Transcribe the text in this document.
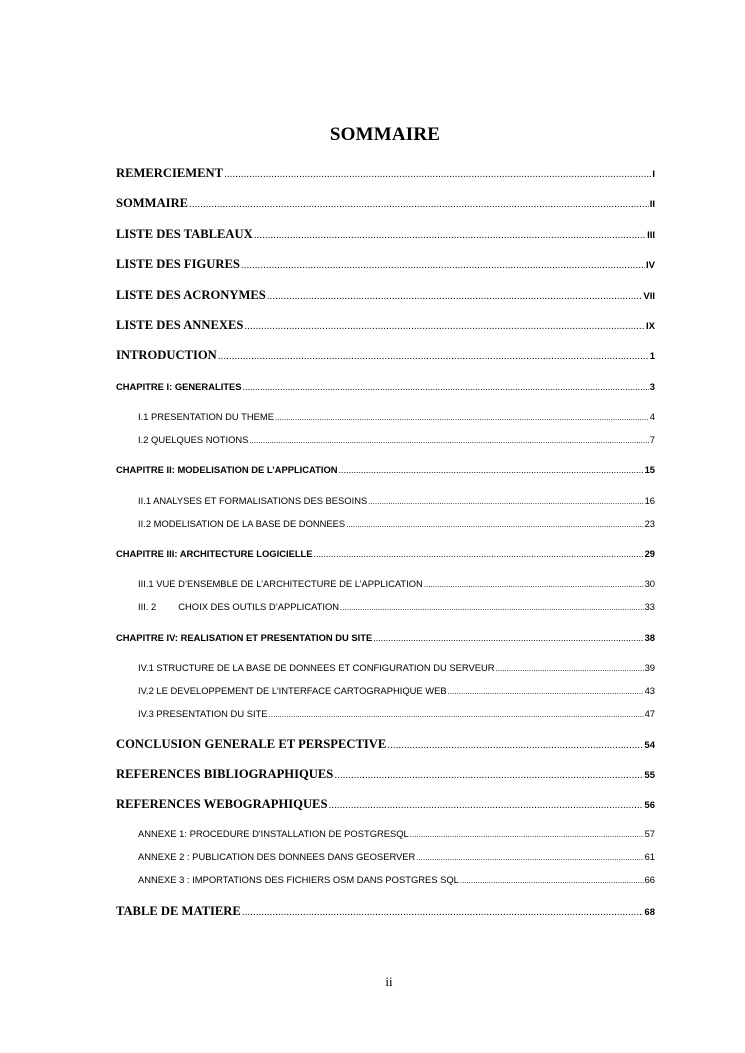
SOMMAIRE
REMERCIEMENT .....	I
SOMMAIRE .....	II
LISTE DES TABLEAUX .....	III
LISTE DES FIGURES .....	IV
LISTE DES ACRONYMES .....	VII
LISTE DES ANNEXES .....	IX
INTRODUCTION .....	1
CHAPITRE I: GENERALITES .....	3
I.1 PRESENTATION DU THEME .....	4
I.2 QUELQUES NOTIONS .....	7
CHAPITRE II: MODELISATION DE L’APPLICATION .....	15
II.1 ANALYSES ET FORMALISATIONS DES BESOINS .....	16
II.2 MODELISATION DE LA BASE DE DONNEES .....	23
CHAPITRE III: ARCHITECTURE LOGICIELLE .....	29
III.1 VUE D’ENSEMBLE DE L’ARCHITECTURE DE L’APPLICATION .....	30
III. 2 CHOIX DES OUTILS D’APPLICATION .....	33
CHAPITRE IV: REALISATION ET PRESENTATION DU SITE .....	38
IV.1 STRUCTURE DE LA BASE DE DONNEES ET CONFIGURATION DU SERVEUR .....	39
IV.2 LE DEVELOPPEMENT DE L’INTERFACE CARTOGRAPHIQUE WEB .....	43
IV.3 PRESENTATION DU SITE .....	47
CONCLUSION GENERALE ET PERSPECTIVE .....	54
REFERENCES BIBLIOGRAPHIQUES .....	55
REFERENCES WEBOGRAPHIQUES .....	56
ANNEXE 1: PROCEDURE D'INSTALLATION DE POSTGRESQL .....	57
ANNEXE 2 : PUBLICATION DES DONNEES DANS GEOSERVER .....	61
ANNEXE 3 : IMPORTATIONS DES FICHIERS OSM DANS POSTGRES SQL .....	66
TABLE DE MATIERE .....	68
ii
